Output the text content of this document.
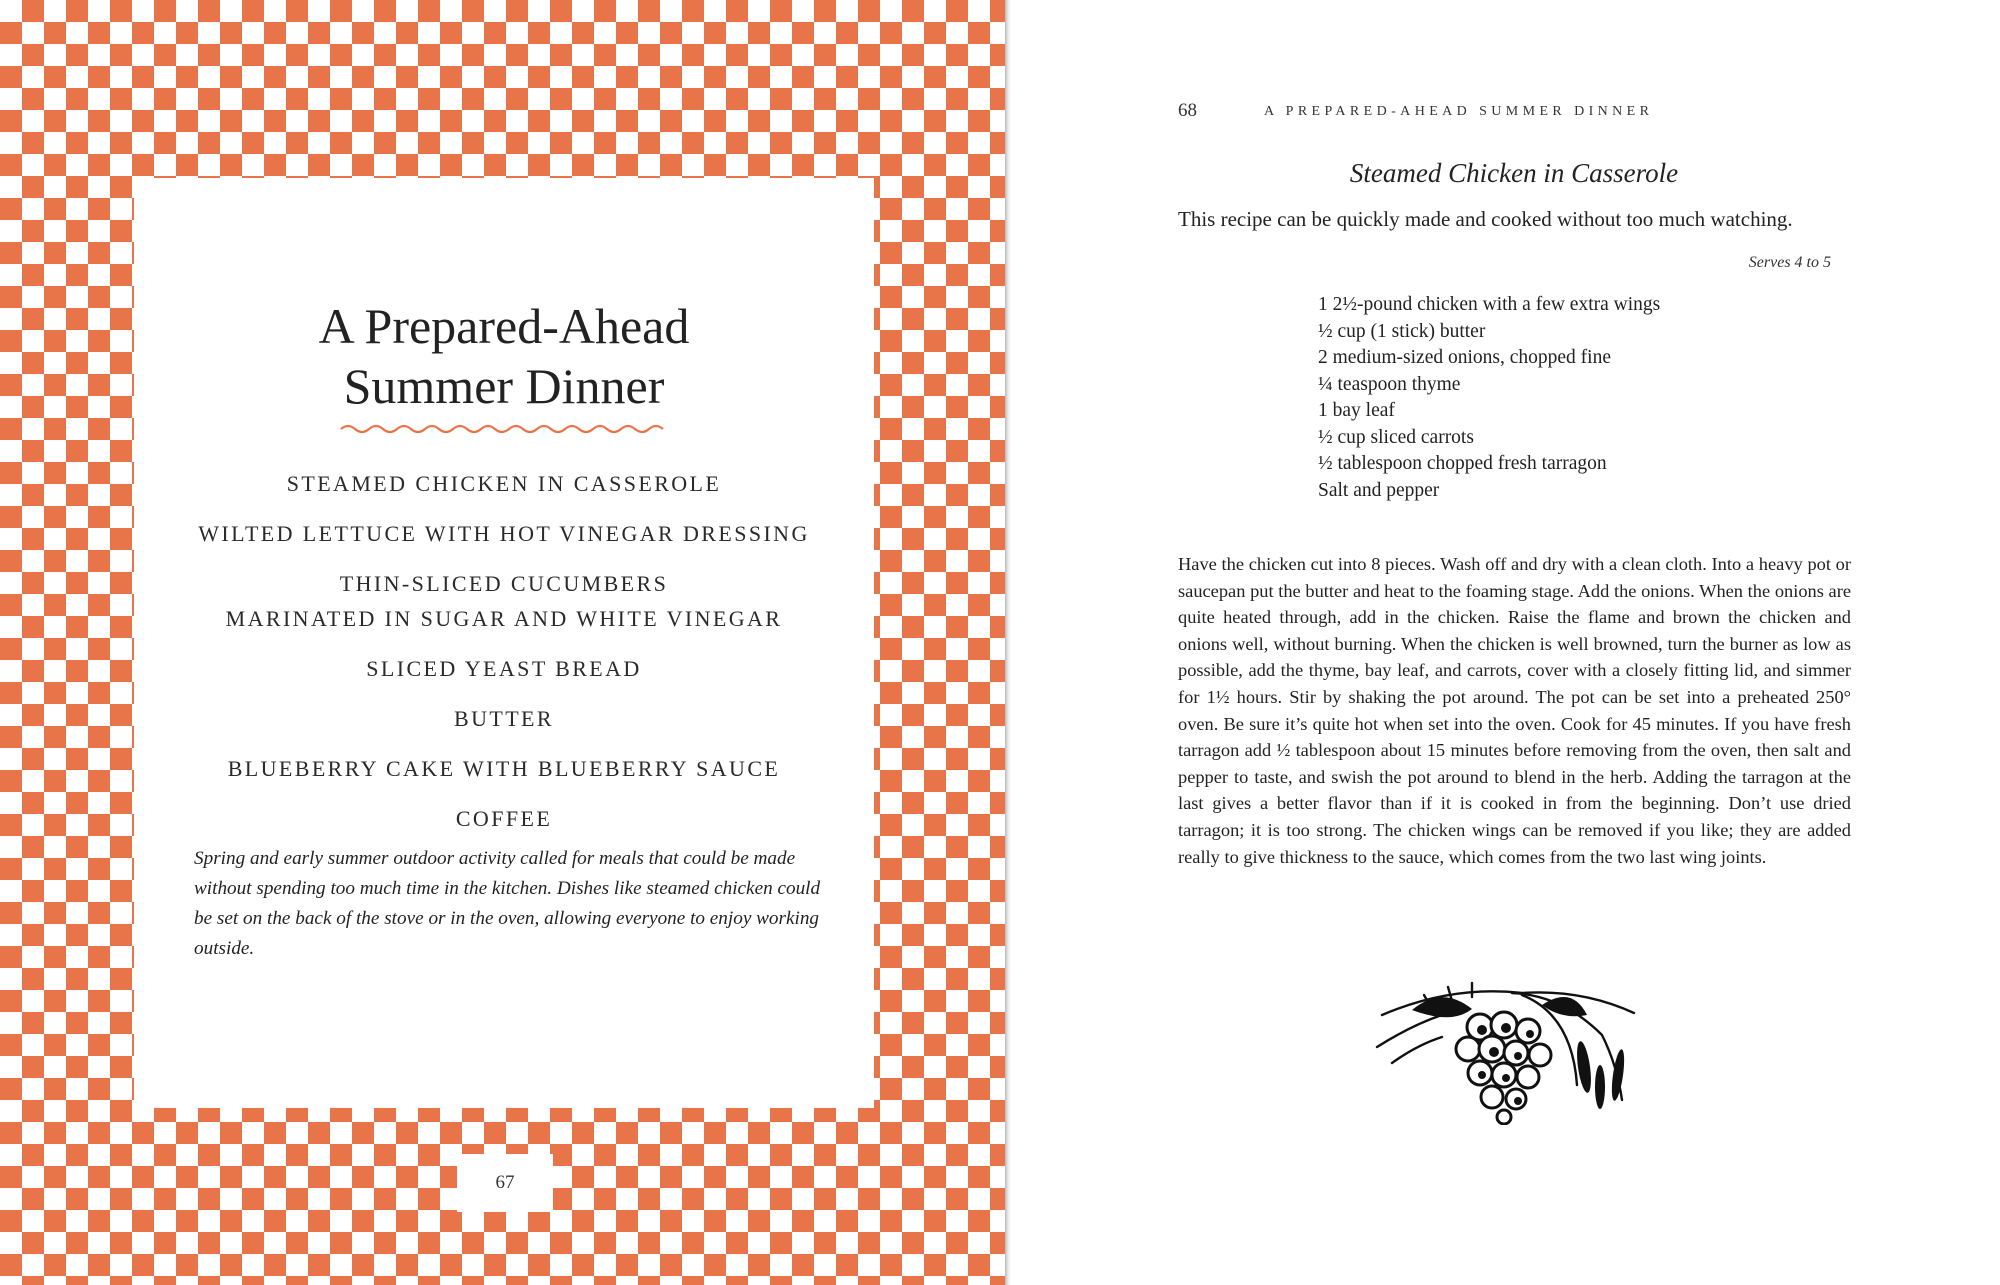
A Prepared-Ahead
Summer Dinner
STEAMED CHICKEN IN CASSEROLE
WILTED LETTUCE WITH HOT VINEGAR DRESSING
THIN-SLICED CUCUMBERS
MARINATED IN SUGAR AND WHITE VINEGAR
SLICED YEAST BREAD
BUTTER
BLUEBERRY CAKE WITH BLUEBERRY SAUCE
COFFEE

Spring and early summer outdoor activity called for meals that could be made without spending too much time in the kitchen. Dishes like steamed chicken could be set on the back of the stove or in the oven, allowing everyone to enjoy working outside.

67
68	A PREPARED-AHEAD SUMMER DINNER
Steamed Chicken in Casserole
This recipe can be quickly made and cooked without too much watching.
Serves 4 to 5
1 2½-pound chicken with a few extra wings
½ cup (1 stick) butter
2 medium-sized onions, chopped fine
¼ teaspoon thyme
1 bay leaf
½ cup sliced carrots
½ tablespoon chopped fresh tarragon
Salt and pepper

Have the chicken cut into 8 pieces. Wash off and dry with a clean cloth. Into a heavy pot or saucepan put the butter and heat to the foaming stage. Add the onions. When the onions are quite heated through, add in the chicken. Raise the flame and brown the chicken and onions well, without burning. When the chicken is well browned, turn the burner as low as possible, add the thyme, bay leaf, and carrots, cover with a closely fitting lid, and simmer for 1½ hours. Stir by shaking the pot around. The pot can be set into a preheated 250° oven. Be sure it’s quite hot when set into the oven. Cook for 45 minutes. If you have fresh tarragon add ½ tablespoon about 15 minutes before removing from the oven, then salt and pepper to taste, and swish the pot around to blend in the herb. Adding the tarragon at the last gives a better flavor than if it is cooked in from the beginning. Don’t use dried tarragon; it is too strong. The chicken wings can be removed if you like; they are added really to give thickness to the sauce, which comes from the two last wing joints.
